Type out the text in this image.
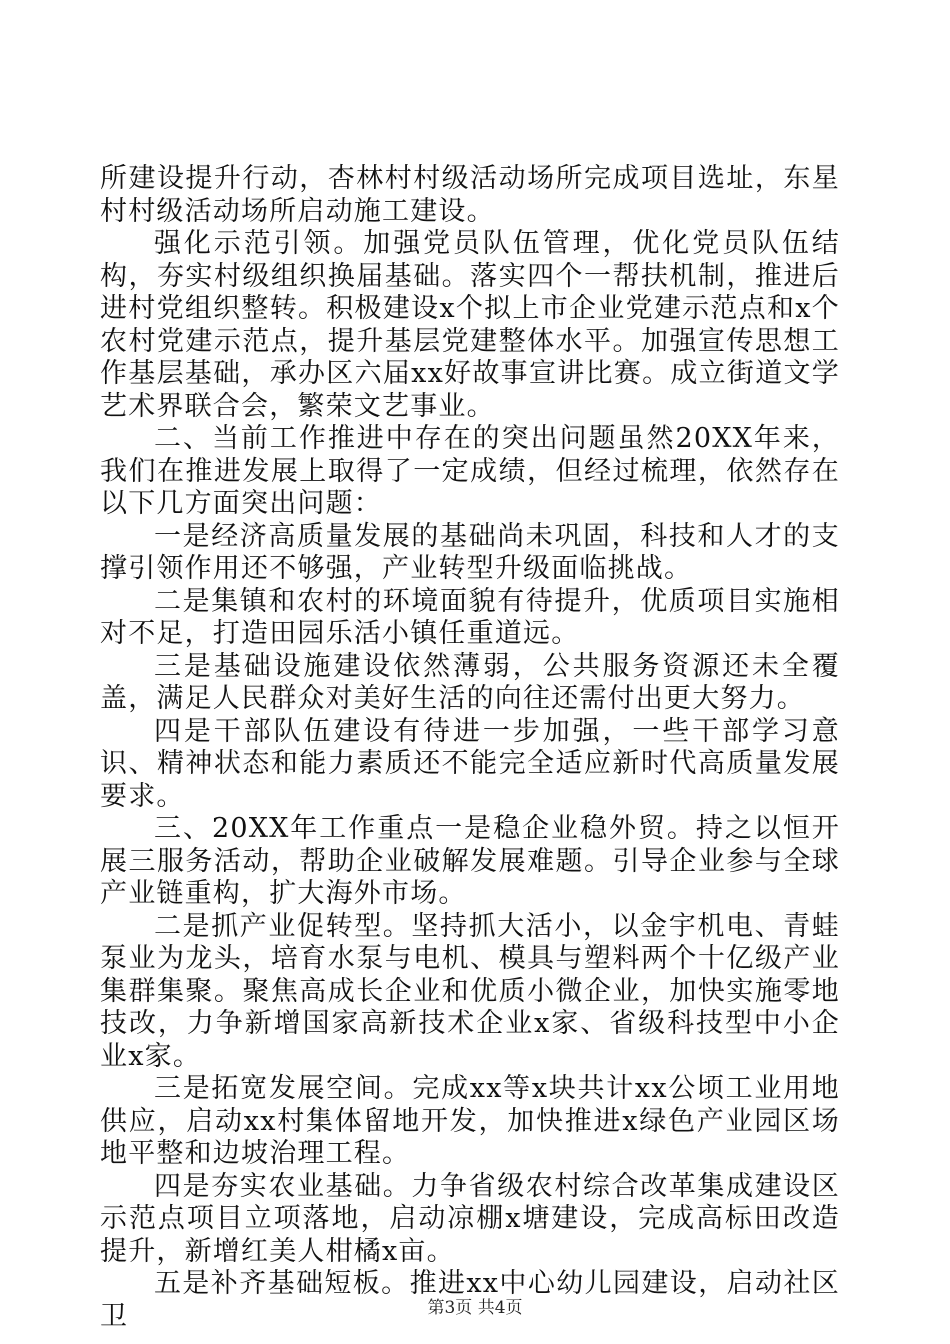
所建设提升行动，杏林村村级活动场所完成项目选址，东星村村级活动场所启动施工建设。

强化示范引领。加强党员队伍管理，优化党员队伍结构，夯实村级组织换届基础。落实四个一帮扶机制，推进后进村党组织整转。积极建设x个拟上市企业党建示范点和x个农村党建示范点，提升基层党建整体水平。加强宣传思想工作基层基础，承办区六届xx好故事宣讲比赛。成立街道文学艺术界联合会，繁荣文艺事业。

二、当前工作推进中存在的突出问题虽然20XX年来，我们在推进发展上取得了一定成绩，但经过梳理，依然存在以下几方面突出问题：

一是经济高质量发展的基础尚未巩固，科技和人才的支撑引领作用还不够强，产业转型升级面临挑战。

二是集镇和农村的环境面貌有待提升，优质项目实施相对不足，打造田园乐活小镇任重道远。

三是基础设施建设依然薄弱，公共服务资源还未全覆盖，满足人民群众对美好生活的向往还需付出更大努力。

四是干部队伍建设有待进一步加强，一些干部学习意识、精神状态和能力素质还不能完全适应新时代高质量发展要求。

三、20XX年工作重点一是稳企业稳外贸。持之以恒开展三服务活动，帮助企业破解发展难题。引导企业参与全球产业链重构，扩大海外市场。

二是抓产业促转型。坚持抓大活小，以金宇机电、青蛙泵业为龙头，培育水泵与电机、模具与塑料两个十亿级产业集群集聚。聚焦高成长企业和优质小微企业，加快实施零地技改，力争新增国家高新技术企业x家、省级科技型中小企业x家。

三是拓宽发展空间。完成xx等x块共计xx公顷工业用地供应，启动xx村集体留地开发，加快推进x绿色产业园区场地平整和边坡治理工程。

四是夯实农业基础。力争省级农村综合改革集成建设区示范点项目立项落地，启动凉棚x塘建设，完成高标田改造提升，新增红美人柑橘x亩。

五是补齐基础短板。推进xx中心幼儿园建设，启动社区卫	第3页 共4页
